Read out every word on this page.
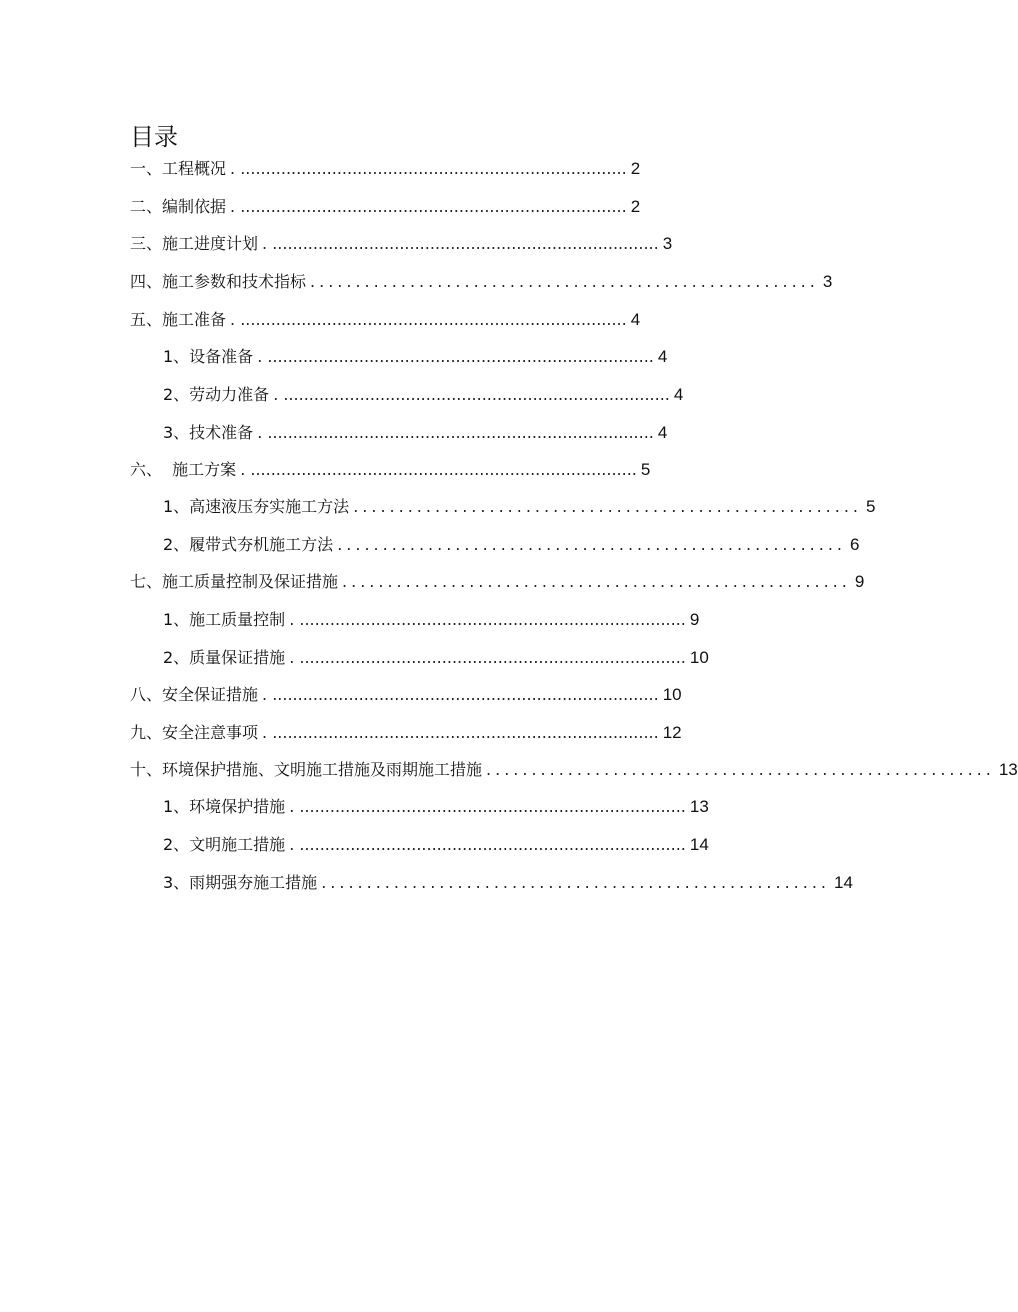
目录
一、工程概况 . ............................................................................ 2
二、编制依据 . ............................................................................ 2
三、施工进度计划 . ............................................................................ 3
四、施工参数和技术指标 ........................................................ 3
五、施工准备 . ............................................................................ 4
1、设备准备 . ............................................................................ 4
2、劳动力准备 . ............................................................................ 4
3、技术准备 . ............................................................................ 4
六、  施工方案 . ............................................................................ 5
1、高速液压夯实施工方法 ........................................................ 5
2、履带式夯机施工方法 ........................................................ 6
七、施工质量控制及保证措施 ........................................................ 9
1、施工质量控制 . ............................................................................ 9
2、质量保证措施 . ............................................................................ 10
八、安全保证措施 . ............................................................................ 10
九、安全注意事项 . ............................................................................ 12
十、环境保护措施、文明施工措施及雨期施工措施 ........................................................ 13
1、环境保护措施 . ............................................................................ 13
2、文明施工措施 . ............................................................................ 14
3、雨期强夯施工措施 ........................................................ 14
